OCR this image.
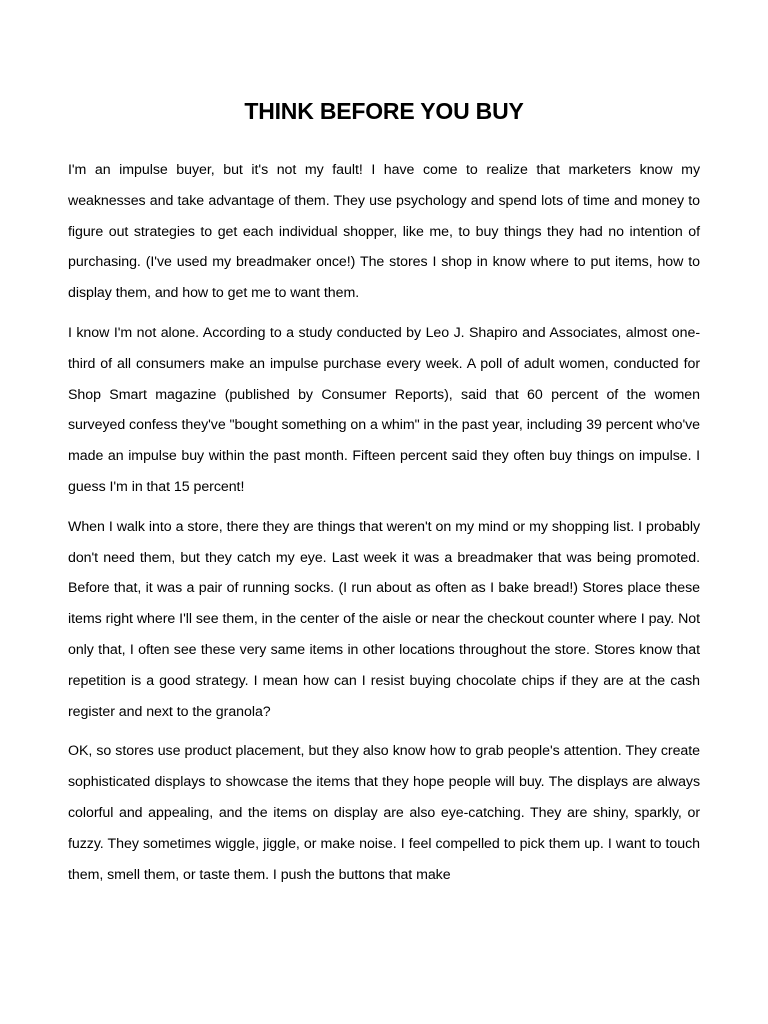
THINK BEFORE YOU BUY

I'm an impulse buyer, but it's not my fault! I have come to realize that marketers know my weaknesses and take advantage of them. They use psychology and spend lots of time and money to figure out strategies to get each individual shopper, like me, to buy things they had no intention of purchasing. (I've used my breadmaker once!) The stores I shop in know where to put items, how to display them, and how to get me to want them.

I know I'm not alone. According to a study conducted by Leo J. Shapiro and Associates, almost one-third of all consumers make an impulse purchase every week. A poll of adult women, conducted for Shop Smart magazine (published by Consumer Reports), said that 60 percent of the women surveyed confess they've "bought something on a whim" in the past year, including 39 percent who've made an impulse buy within the past month. Fifteen percent said they often buy things on impulse. I guess I'm in that 15 percent!

When I walk into a store, there they are things that weren't on my mind or my shopping list. I probably don't need them, but they catch my eye. Last week it was a breadmaker that was being promoted. Before that, it was a pair of running socks. (I run about as often as I bake bread!) Stores place these items right where I'll see them, in the center of the aisle or near the checkout counter where I pay. Not only that, I often see these very same items in other locations throughout the store. Stores know that repetition is a good strategy. I mean how can I resist buying chocolate chips if they are at the cash register and next to the granola?

OK, so stores use product placement, but they also know how to grab people's attention. They create sophisticated displays to showcase the items that they hope people will buy. The displays are always colorful and appealing, and the items on display are also eye-catching. They are shiny, sparkly, or fuzzy. They sometimes wiggle, jiggle, or make noise. I feel compelled to pick them up. I want to touch them, smell them, or taste them. I push the buttons that make
